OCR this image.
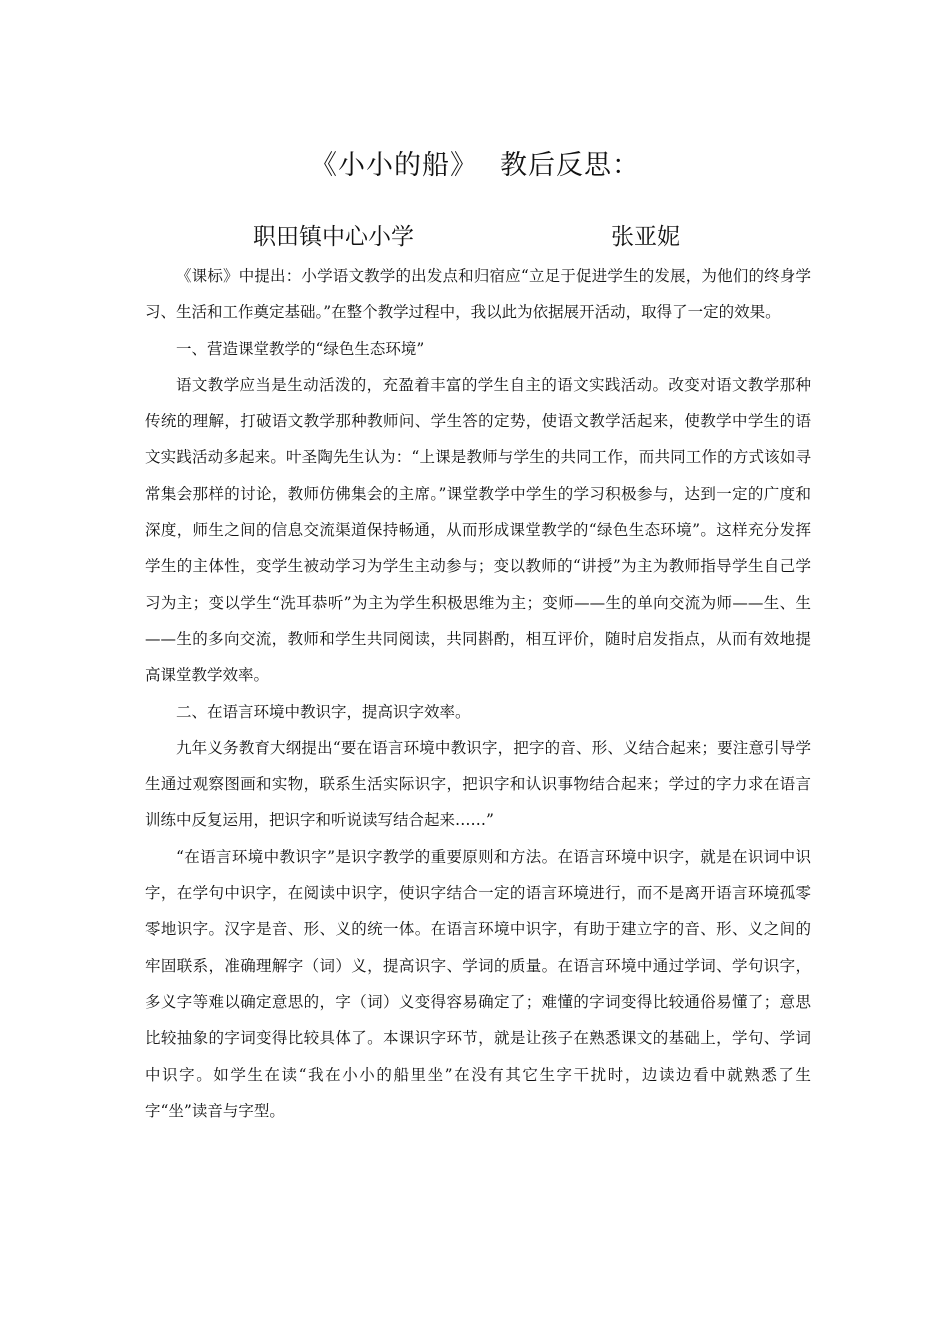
《小小的船》 教后反思：
职田镇中心小学	张亚妮

《课标》中提出：小学语文教学的出发点和归宿应“立足于促进学生的发展，为他们的终身学习、生活和工作奠定基础。”在整个教学过程中，我以此为依据展开活动，取得了一定的效果。

一、营造课堂教学的“绿色生态环境”

语文教学应当是生动活泼的，充盈着丰富的学生自主的语文实践活动。改变对语文教学那种传统的理解，打破语文教学那种教师问、学生答的定势，使语文教学活起来，使教学中学生的语文实践活动多起来。叶圣陶先生认为：“上课是教师与学生的共同工作，而共同工作的方式该如寻常集会那样的讨论，教师仿佛集会的主席。”课堂教学中学生的学习积极参与，达到一定的广度和深度，师生之间的信息交流渠道保持畅通，从而形成课堂教学的“绿色生态环境”。这样充分发挥学生的主体性，变学生被动学习为学生主动参与；变以教师的“讲授”为主为教师指导学生自己学习为主；变以学生“洗耳恭听”为主为学生积极思维为主；变师——生的单向交流为师——生、生——生的多向交流，教师和学生共同阅读，共同斟酌，相互评价，随时启发指点，从而有效地提高课堂教学效率。

二、在语言环境中教识字，提高识字效率。

九年义务教育大纲提出“要在语言环境中教识字，把字的音、形、义结合起来；要注意引导学生通过观察图画和实物，联系生活实际识字，把识字和认识事物结合起来；学过的字力求在语言训练中反复运用，把识字和听说读写结合起来……”

“在语言环境中教识字”是识字教学的重要原则和方法。在语言环境中识字，就是在识词中识字，在学句中识字，在阅读中识字，使识字结合一定的语言环境进行，而不是离开语言环境孤零零地识字。汉字是音、形、义的统一体。在语言环境中识字，有助于建立字的音、形、义之间的牢固联系，准确理解字（词）义，提高识字、学词的质量。在语言环境中通过学词、学句识字，多义字等难以确定意思的，字（词）义变得容易确定了；难懂的字词变得比较通俗易懂了；意思比较抽象的字词变得比较具体了。本课识字环节，就是让孩子在熟悉课文的基础上，学句、学词中识字。如学生在读“我在小小的船里坐”在没有其它生字干扰时，边读边看中就熟悉了生字“坐”读音与字型。
